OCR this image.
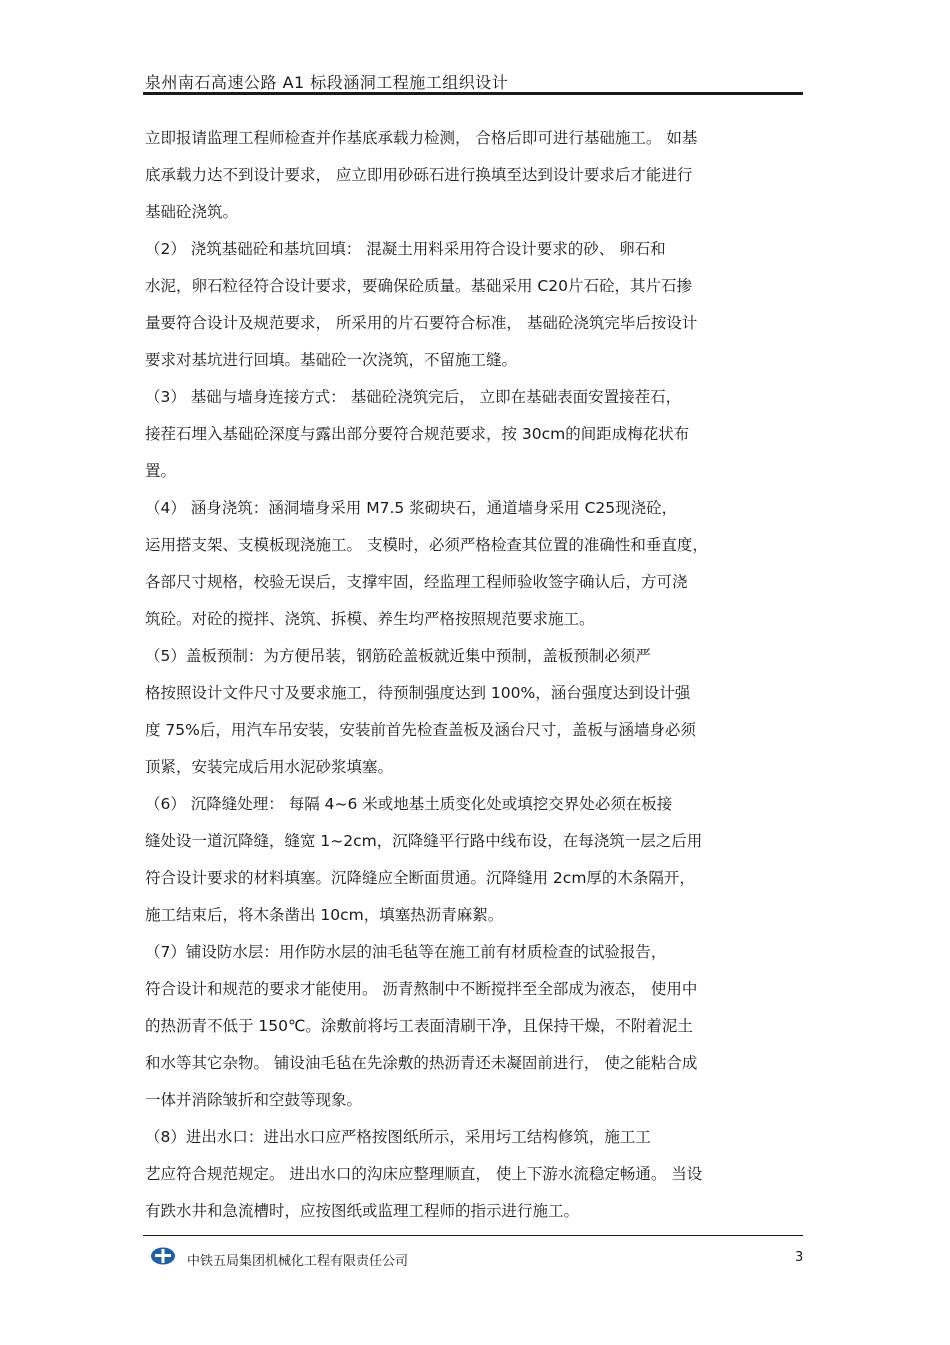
泉州南石高速公路 A1 标段涵洞工程施工组织设计
立即报请监理工程师检查并作基底承载力检测， 合格后即可进行基础施工。 如基
底承载力达不到设计要求， 应立即用砂砾石进行换填至达到设计要求后才能进行
基础砼浇筑。
（2） 浇筑基础砼和基坑回填： 混凝土用料采用符合设计要求的砂、 卵石和
水泥，卵石粒径符合设计要求，要确保砼质量。基础采用 C20片石砼，其片石掺
量要符合设计及规范要求， 所采用的片石要符合标准， 基础砼浇筑完毕后按设计
要求对基坑进行回填。基础砼一次浇筑，不留施工缝。
（3） 基础与墙身连接方式： 基础砼浇筑完后， 立即在基础表面安置接茬石，
接茬石埋入基础砼深度与露出部分要符合规范要求，按 30cm的间距成梅花状布
置。
（4） 涵身浇筑：涵洞墙身采用 M7.5 浆砌块石，通道墙身采用 C25现浇砼，
运用搭支架、支模板现浇施工。 支模时，必须严格检查其位置的准确性和垂直度，
各部尺寸规格，校验无误后，支撑牢固，经监理工程师验收签字确认后，方可浇
筑砼。对砼的搅拌、浇筑、拆模、养生均严格按照规范要求施工。
（5）盖板预制：为方便吊装，钢筋砼盖板就近集中预制，盖板预制必须严
格按照设计文件尺寸及要求施工，待预制强度达到 100%，涵台强度达到设计强
度 75%后，用汽车吊安装，安装前首先检查盖板及涵台尺寸，盖板与涵墙身必须
顶紧，安装完成后用水泥砂浆填塞。
（6） 沉降缝处理： 每隔 4~6 米或地基土质变化处或填挖交界处必须在板接
缝处设一道沉降缝，缝宽 1~2cm，沉降缝平行路中线布设，在每浇筑一层之后用
符合设计要求的材料填塞。沉降缝应全断面贯通。沉降缝用 2cm厚的木条隔开，
施工结束后，将木条凿出 10cm，填塞热沥青麻絮。
（7）铺设防水层：用作防水层的油毛毡等在施工前有材质检查的试验报告，
符合设计和规范的要求才能使用。 沥青熬制中不断搅拌至全部成为液态， 使用中
的热沥青不低于 150℃。涂敷前将圬工表面清刷干净，且保持干燥，不附着泥土
和水等其它杂物。 铺设油毛毡在先涂敷的热沥青还未凝固前进行， 使之能粘合成
一体并消除皱折和空鼓等现象。
（8）进出水口：进出水口应严格按图纸所示，采用圬工结构修筑，施工工
艺应符合规范规定。 进出水口的沟床应整理顺直， 使上下游水流稳定畅通。 当设
有跌水井和急流槽时，应按图纸或监理工程师的指示进行施工。
中铁五局集团机械化工程有限责任公司	3
